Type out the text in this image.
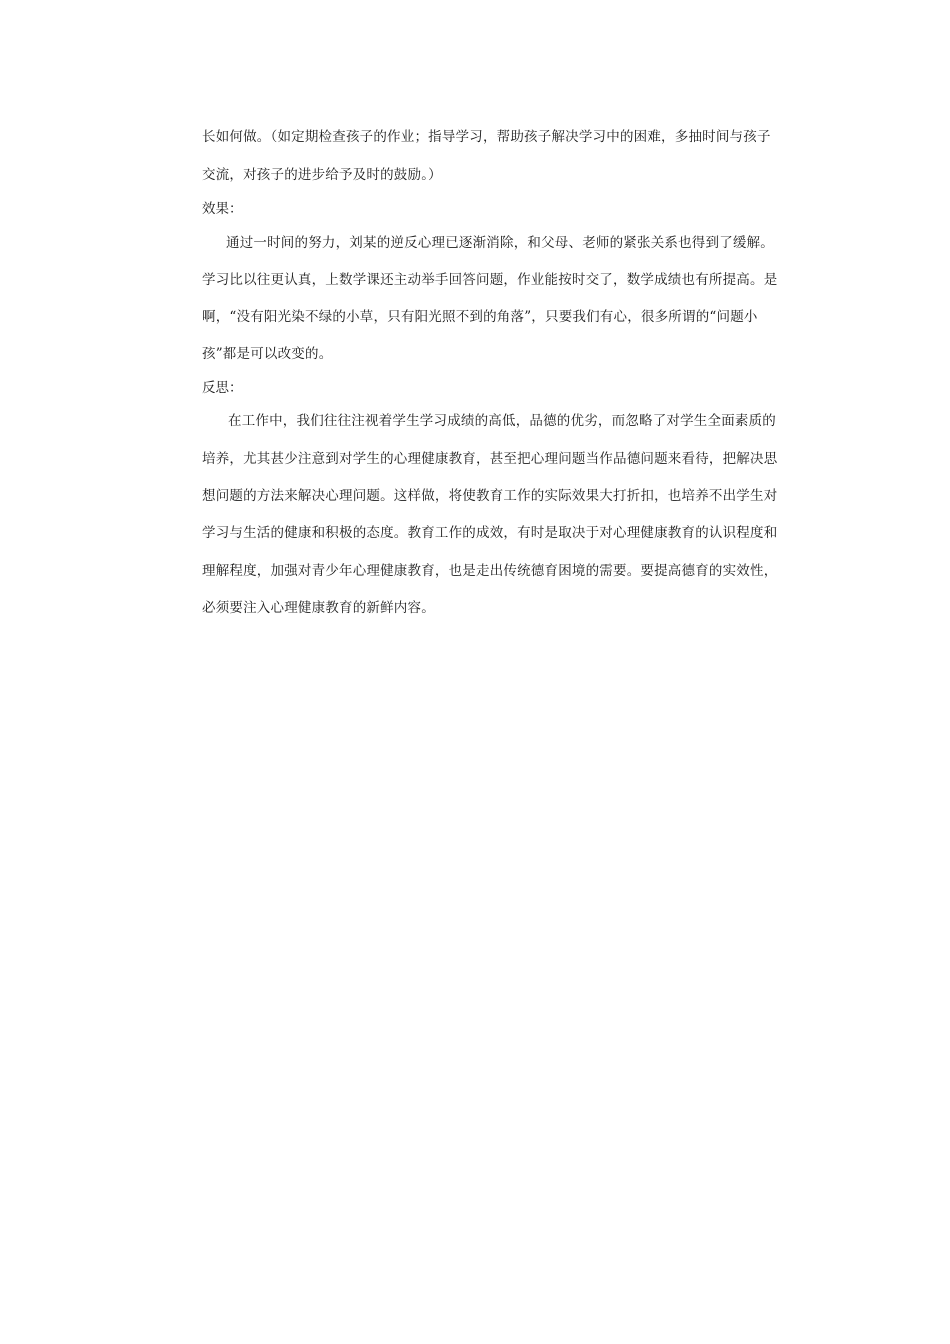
长如何做。（如定期检查孩子的作业；指导学习，帮助孩子解决学习中的困难，多抽时间与孩子
交流，对孩子的进步给予及时的鼓励。）
效果：
通过一时间的努力，刘某的逆反心理已逐渐消除，和父母、老师的紧张关系也得到了缓解。
学习比以往更认真，上数学课还主动举手回答问题，作业能按时交了，数学成绩也有所提高。是
啊，“没有阳光染不绿的小草，只有阳光照不到的角落”，只要我们有心，很多所谓的“问题小
孩”都是可以改变的。
反思：
在工作中，我们往往注视着学生学习成绩的高低，品德的优劣，而忽略了对学生全面素质的
培养，尤其甚少注意到对学生的心理健康教育，甚至把心理问题当作品德问题来看待，把解决思
想问题的方法来解决心理问题。这样做，将使教育工作的实际效果大打折扣，也培养不出学生对
学习与生活的健康和积极的态度。教育工作的成效，有时是取决于对心理健康教育的认识程度和
理解程度，加强对青少年心理健康教育，也是走出传统德育困境的需要。要提高德育的实效性，
必须要注入心理健康教育的新鲜内容。
